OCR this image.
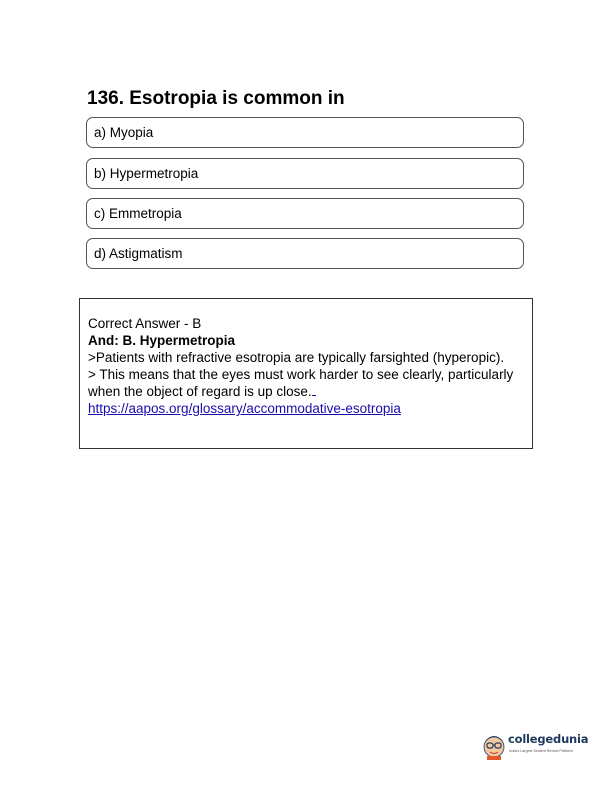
136. Esotropia is common in
a) Myopia
b) Hypermetropia
c) Emmetropia
d) Astigmatism
Correct Answer - B
And: B. Hypermetropia
>Patients with refractive esotropia are typically farsighted (hyperopic).
> This means that the eyes must work harder to see clearly, particularly when the object of regard is up close.
https://aapos.org/glossary/accommodative-esotropia
collegedunia
India's Largest Student Review Platform
